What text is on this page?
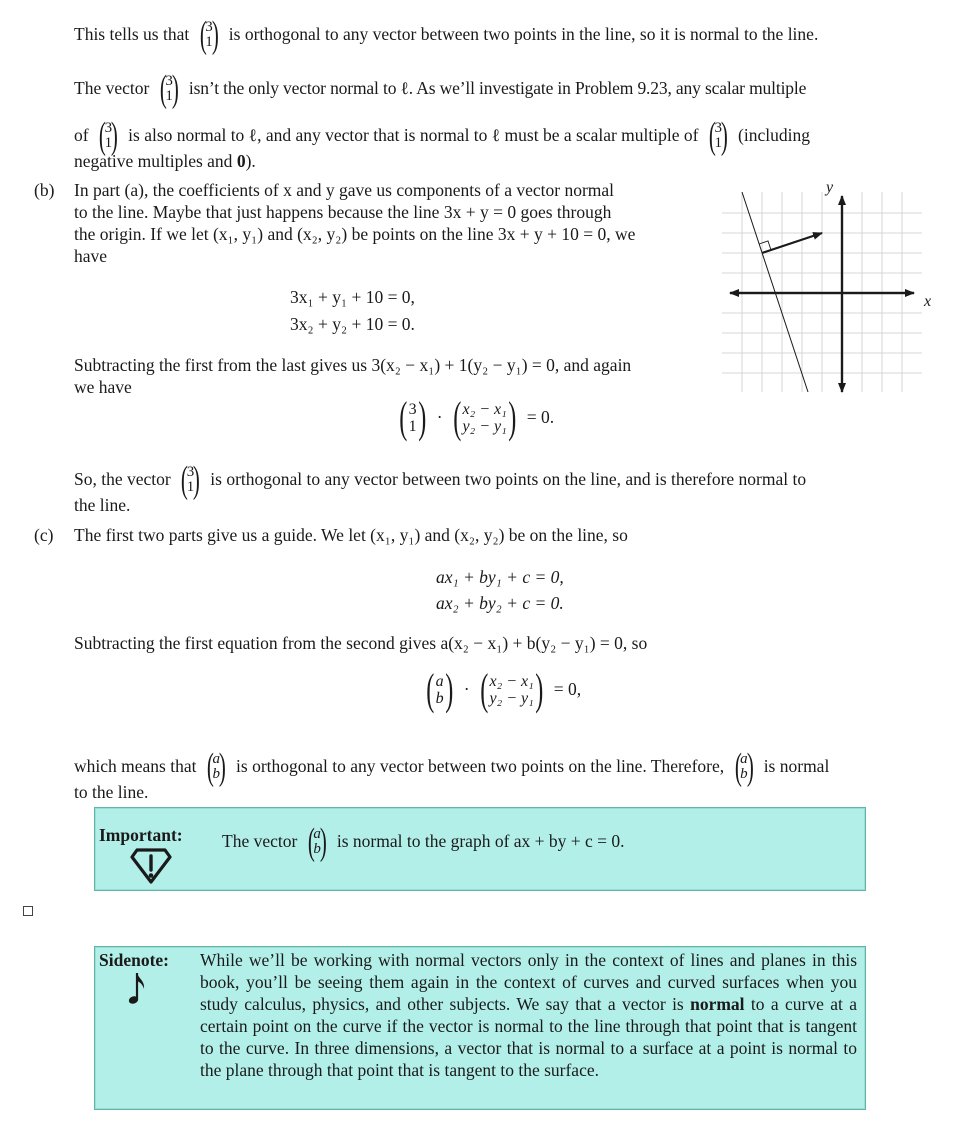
This tells us that (
3
1
) is orthogonal to any vector between two points in the line, so it is normal to the line.
The vector (
3
1
) isn’t the only vector normal to ℓ. As we’ll investigate in Problem 9.23, any scalar multiple
of (
3
1
) is also normal to ℓ, and any vector that is normal to ℓ must be a scalar multiple of (
3
1
) (including
negative multiples and 0).
(b) In part (a), the coefficients of x and y gave us components of a vector normal
to the line. Maybe that just happens because the line 3x + y = 0 goes through
the origin. If we let (x₁, y₁) and (x₂, y₂) be points on the line 3x + y + 10 = 0, we
have
3x₁ + y₁ + 10 = 0,
3x₂ + y₂ + 10 = 0.
Subtracting the first from the last gives us 3(x₂ − x₁) + 1(y₂ − y₁) = 0, and again
we have
( 3
1 ) · ( x₂ − x₁
y₂ − y₁ ) = 0.
So, the vector (
3
1
) is orthogonal to any vector between two points on the line, and is therefore normal to
the line.
x
y
(c) The first two parts give us a guide. We let (x₁, y₁) and (x₂, y₂) be on the line, so
ax₁ + by₁ + c = 0,
ax₂ + by₂ + c = 0.
Subtracting the first equation from the second gives a(x₂ − x₁) + b(y₂ − y₁) = 0, so
( a
b ) · ( x₂ − x₁
y₂ − y₁ ) = 0,
which means that (
a
b
) is orthogonal to any vector between two points on the line. Therefore, (
a
b
) is normal
to the line.
Important: The vector (
a
b
) is normal to the graph of ax + by + c = 0.
Sidenote: While we’ll be working with normal vectors only in the context of lines and planes in this book, you’ll be seeing them again in the context of curves and curved surfaces when you study calculus, physics, and other subjects. We say that a vector is normal to a curve at a certain point on the curve if the vector is normal to the line through that point that is tangent to the curve. In three dimensions, a vector that is normal to a surface at a point is normal to the plane through that point that is tangent to the surface.
